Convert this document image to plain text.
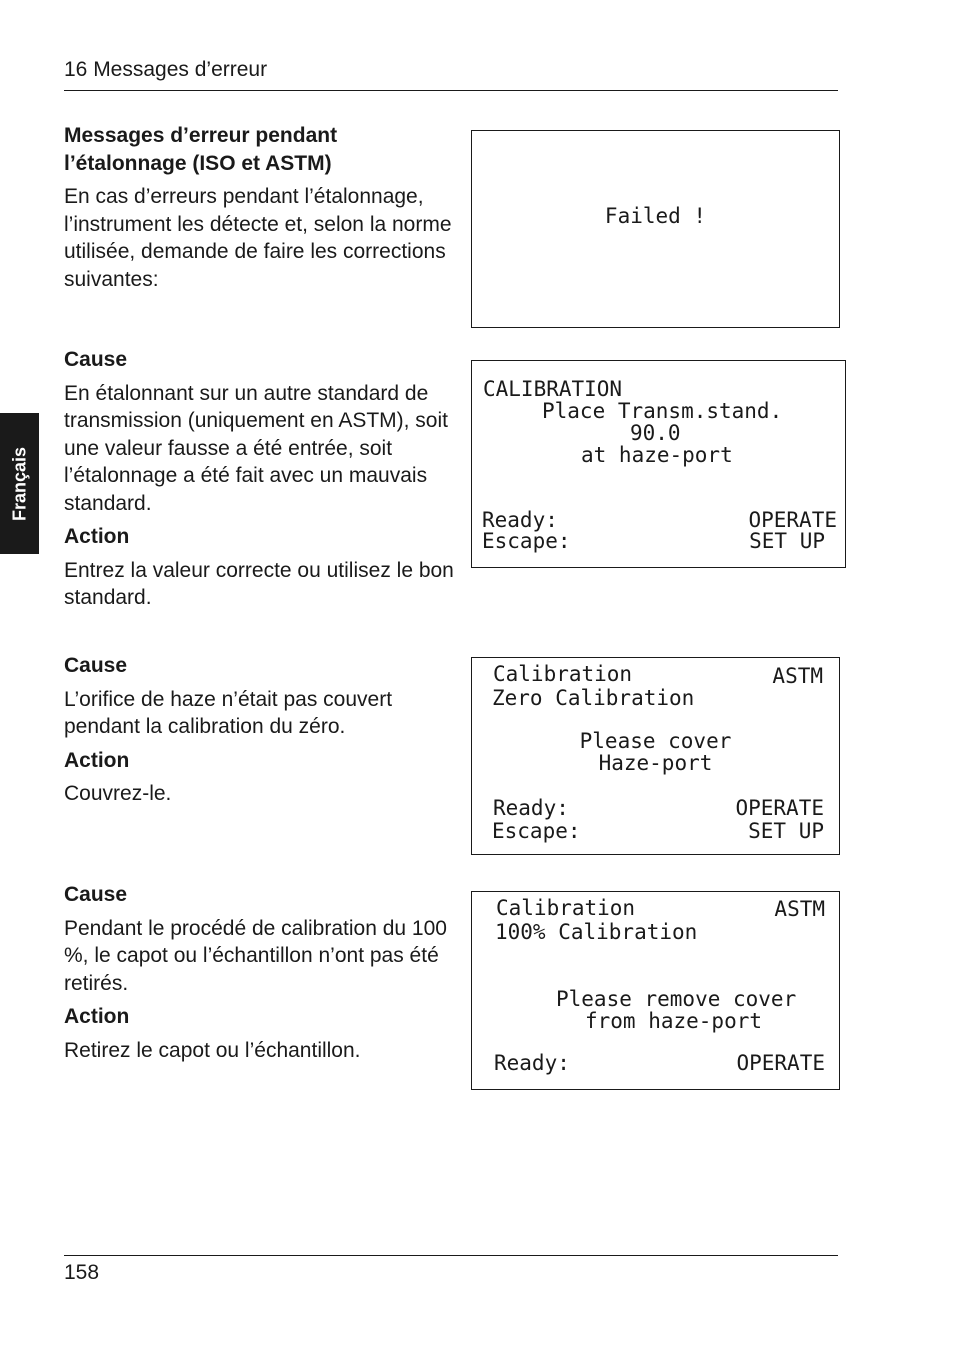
16 Messages d’erreur
Français
Messages d’erreur pendant l’étalonnage (ISO et ASTM)

En cas d’erreurs pendant l’étalonnage, l’instrument les détecte et, selon la norme utilisée, demande de faire les corrections suivantes:

Failed !
Cause

En étalonnant sur un autre standard de transmission (uniquement en ASTM), soit une valeur fausse a été entrée, soit l’étalonnage a été fait avec un mauvais standard.

Action

Entrez la valeur correcte ou utilisez le bon standard.

CALIBRATION
Place Transm.stand.
90.0
at haze-port
Ready:	OPERATE
Escape:	SET UP
Cause

L’orifice de haze n’était pas couvert pendant la calibration du zéro.

Action

Couvrez-le.

Calibration	ASTM
Zero Calibration
Please cover
Haze-port
Ready:	OPERATE
Escape:	SET UP
Cause

Pendant le procédé de calibration du 100 %, le capot ou l’échantillon n’ont pas été retirés.

Action

Retirez le capot ou l’échantillon.

Calibration	ASTM
100% Calibration
Please remove cover
from haze-port
Ready:	OPERATE
158
